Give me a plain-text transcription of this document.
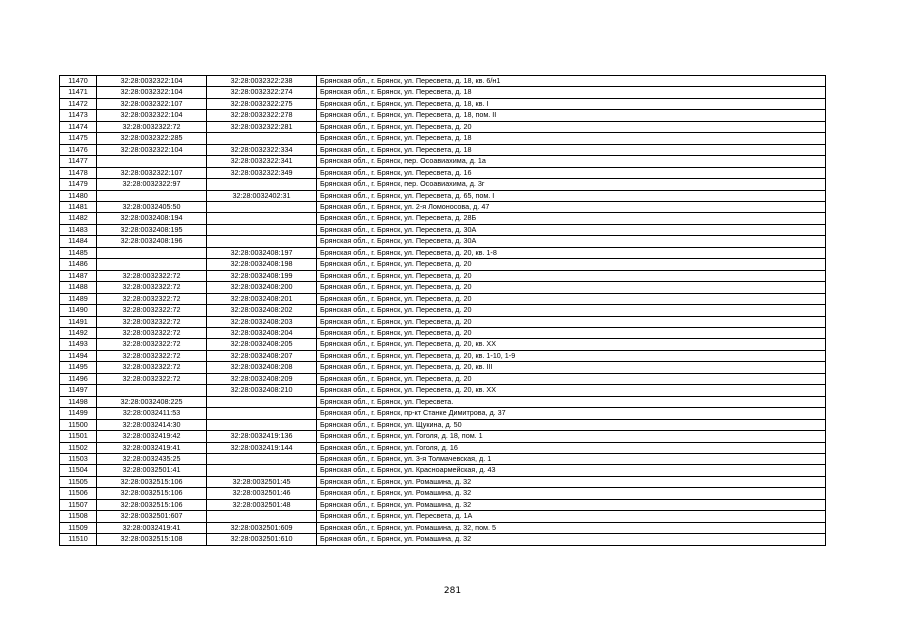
11470	32:28:0032322:104	32:28:0032322:238	Брянская обл., г. Брянск, ул. Пересвета, д. 18, кв. 6/н1
11471	32:28:0032322:104	32:28:0032322:274	Брянская обл., г. Брянск, ул. Пересвета, д. 18
11472	32:28:0032322:107	32:28:0032322:275	Брянская обл., г. Брянск, ул. Пересвета, д. 18, кв. I
11473	32:28:0032322:104	32:28:0032322:278	Брянская обл., г. Брянск, ул. Пересвета, д. 18, пом. II
11474	32:28:0032322:72	32:28:0032322:281	Брянская обл., г. Брянск, ул. Пересвета, д. 20
11475	32:28:0032322:285		Брянская обл., г. Брянск, ул. Пересвета, д. 18
11476	32:28:0032322:104	32:28:0032322:334	Брянская обл., г. Брянск, ул. Пересвета, д. 18
11477		32:28:0032322:341	Брянская обл., г. Брянск, пер. Осоавиахима, д. 1а
11478	32:28:0032322:107	32:28:0032322:349	Брянская обл., г. Брянск, ул. Пересвета, д. 16
11479	32:28:0032322:97		Брянская обл., г. Брянск, пер. Осоавиахима, д. 3г
11480		32:28:0032402:31	Брянская обл., г. Брянск, ул. Пересвета, д. 65, пом. I
11481	32:28:0032405:50		Брянская обл., г. Брянск, ул. 2-я Ломоносова, д. 47
11482	32:28:0032408:194		Брянская обл., г. Брянск, ул. Пересвета, д. 28Б
11483	32:28:0032408:195		Брянская обл., г. Брянск, ул. Пересвета, д. 30А
11484	32:28:0032408:196		Брянская обл., г. Брянск, ул. Пересвета, д. 30А
11485		32:28:0032408:197	Брянская обл., г. Брянск, ул. Пересвета, д. 20, кв. 1-8
11486		32:28:0032408:198	Брянская обл., г. Брянск, ул. Пересвета, д. 20
11487	32:28:0032322:72	32:28:0032408:199	Брянская обл., г. Брянск, ул. Пересвета, д. 20
11488	32:28:0032322:72	32:28:0032408:200	Брянская обл., г. Брянск, ул. Пересвета, д. 20
11489	32:28:0032322:72	32:28:0032408:201	Брянская обл., г. Брянск, ул. Пересвета, д. 20
11490	32:28:0032322:72	32:28:0032408:202	Брянская обл., г. Брянск, ул. Пересвета, д. 20
11491	32:28:0032322:72	32:28:0032408:203	Брянская обл., г. Брянск, ул. Пересвета, д. 20
11492	32:28:0032322:72	32:28:0032408:204	Брянская обл., г. Брянск, ул. Пересвета, д. 20
11493	32:28:0032322:72	32:28:0032408:205	Брянская обл., г. Брянск, ул. Пересвета, д. 20, кв. XX
11494	32:28:0032322:72	32:28:0032408:207	Брянская обл., г. Брянск, ул. Пересвета, д. 20, кв. 1-10, 1-9
11495	32:28:0032322:72	32:28:0032408:208	Брянская обл., г. Брянск, ул. Пересвета, д. 20, кв. III
11496	32:28:0032322:72	32:28:0032408:209	Брянская обл., г. Брянск, ул. Пересвета, д. 20
11497		32:28:0032408:210	Брянская обл., г. Брянск, ул. Пересвета, д. 20, кв. XX
11498	32:28:0032408:225		Брянская обл., г. Брянск, ул. Пересвета.
11499	32:28:0032411:53		Брянская обл., г. Брянск, пр-кт Станке Димитрова, д. 37
11500	32:28:0032414:30		Брянская обл., г. Брянск, ул. Щукина, д. 50
11501	32:28:0032419:42	32:28:0032419:136	Брянская обл., г. Брянск, ул. Гоголя, д. 18, пом. 1
11502	32:28:0032419:41	32:28:0032419:144	Брянская обл., г. Брянск, ул. Гоголя, д. 16
11503	32:28:0032435:25		Брянская обл., г. Брянск, ул. 3-я Толмачевская, д. 1
11504	32:28:0032501:41		Брянская обл., г. Брянск, ул. Красноармейская, д. 43
11505	32:28:0032515:106	32:28:0032501:45	Брянская обл., г. Брянск, ул. Ромашина, д. 32
11506	32:28:0032515:106	32:28:0032501:46	Брянская обл., г. Брянск, ул. Ромашина, д. 32
11507	32:28:0032515:106	32:28:0032501:48	Брянская обл., г. Брянск, ул. Ромашина, д. 32
11508	32:28:0032501:607		Брянская обл., г. Брянск, ул. Пересвета, д. 1А
11509	32:28:0032419:41	32:28:0032501:609	Брянская обл., г. Брянск, ул. Ромашина, д. 32, пом. 5
11510	32:28:0032515:108	32:28:0032501:610	Брянская обл., г. Брянск, ул. Ромашина, д. 32
281
